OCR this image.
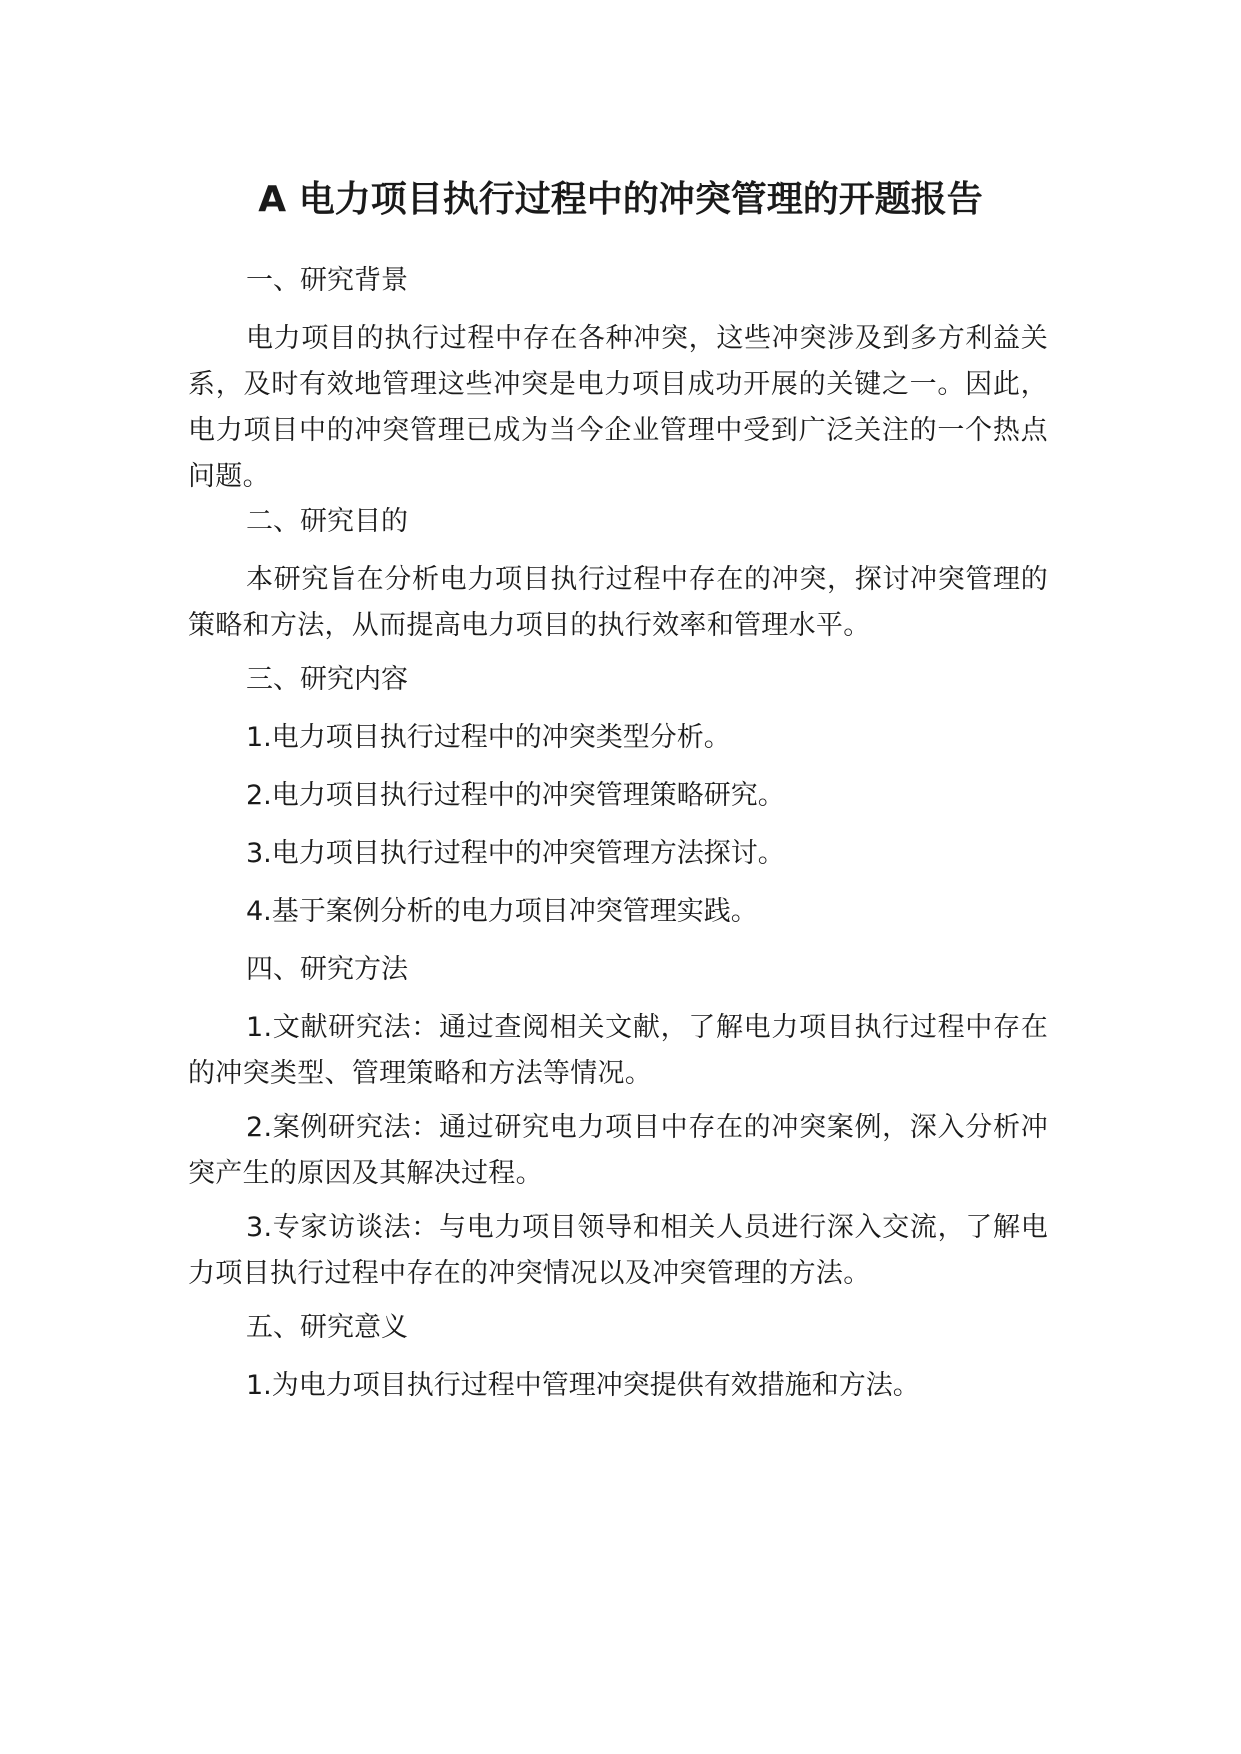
A 电力项目执行过程中的冲突管理的开题报告

一、研究背景

电力项目的执行过程中存在各种冲突，这些冲突涉及到多方利益关系，及时有效地管理这些冲突是电力项目成功开展的关键之一。因此，电力项目中的冲突管理已成为当今企业管理中受到广泛关注的一个热点问题。

二、研究目的

本研究旨在分析电力项目执行过程中存在的冲突，探讨冲突管理的策略和方法，从而提高电力项目的执行效率和管理水平。

三、研究内容

1.电力项目执行过程中的冲突类型分析。

2.电力项目执行过程中的冲突管理策略研究。

3.电力项目执行过程中的冲突管理方法探讨。

4.基于案例分析的电力项目冲突管理实践。

四、研究方法

1.文献研究法：通过查阅相关文献，了解电力项目执行过程中存在的冲突类型、管理策略和方法等情况。

2.案例研究法：通过研究电力项目中存在的冲突案例，深入分析冲突产生的原因及其解决过程。

3.专家访谈法：与电力项目领导和相关人员进行深入交流，了解电力项目执行过程中存在的冲突情况以及冲突管理的方法。

五、研究意义

1.为电力项目执行过程中管理冲突提供有效措施和方法。
